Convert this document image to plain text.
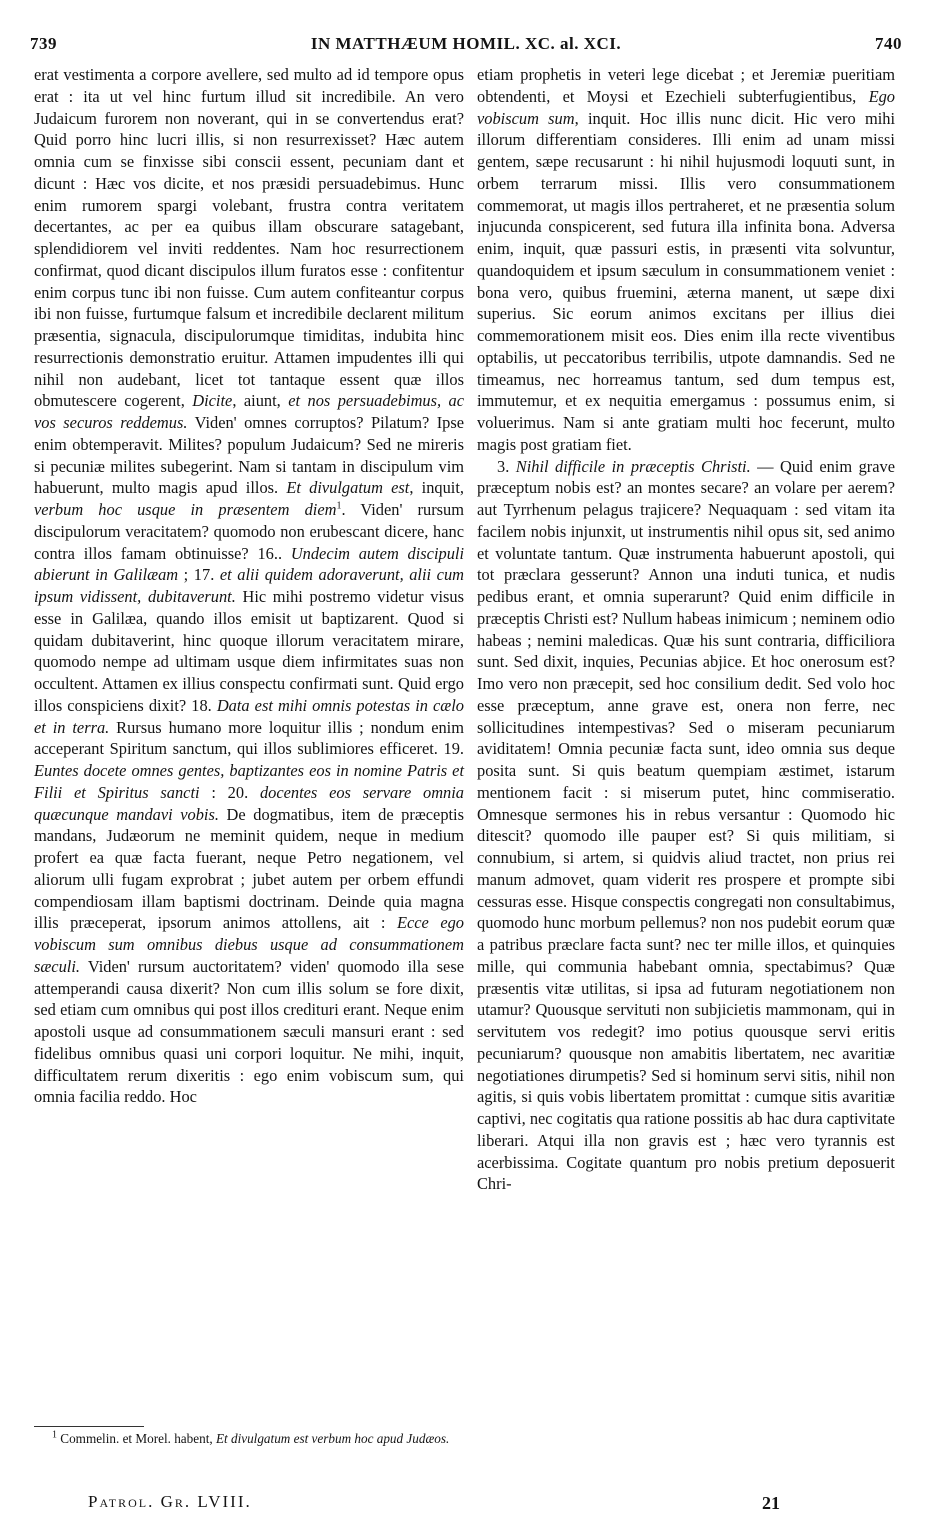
739	IN MATTHÆUM HOMIL. XC. al. XCI.	740

erat vestimenta a corpore avellere, sed multo ad id tempore opus erat : ita ut vel hinc furtum illud sit incredibile. An vero Judaicum furorem non noverant, qui in se convertendus erat? Quid porro hinc lucri illis, si non resurrexisset? Hæc autem omnia cum se finxisse sibi conscii essent, pecuniam dant et dicunt : Hæc vos dicite, et nos præsidi persuadebimus. Hunc enim rumorem spargi volebant, frustra contra veritatem decertantes, ac per ea quibus illam obscurare satagebant, splendidiorem vel inviti reddentes. Nam hoc resurrectionem confirmat, quod dicant discipulos illum furatos esse : confitentur enim corpus tunc ibi non fuisse. Cum autem confiteantur corpus ibi non fuisse, furtumque falsum et incredibile declarent militum præsentia, signacula, discipulorumque timiditas, indubita hinc resurrectionis demonstratio eruitur. Attamen impudentes illi qui nihil non audebant, licet tot tantaque essent quæ illos obmutescere cogerent, Dicite, aiunt, et nos persuadebimus, ac vos securos reddemus. Viden' omnes corruptos? Pilatum? Ipse enim obtemperavit. Milites? populum Judaicum? Sed ne mireris si pecuniæ milites subegerint. Nam si tantam in discipulum vim habuerunt, multo magis apud illos. Et divulgatum est, inquit, verbum hoc usque in præsentem diem$^1$. Viden' rursum discipulorum veracitatem? quomodo non erubescant dicere, hanc contra illos famam obtinuisse? 16.. Undecim autem discipuli abierunt in Galilæam ; 17. et alii quidem adoraverunt, alii cum ipsum vidissent, dubitaverunt. Hic mihi postremo videtur visus esse in Galilæa, quando illos emisit ut baptizarent. Quod si quidam dubitaverint, hinc quoque illorum veracitatem mirare, quomodo nempe ad ultimam usque diem infirmitates suas non occultent. Attamen ex illius conspectu confirmati sunt. Quid ergo illos conspiciens dixit? 18. Data est mihi omnis potestas in cælo et in terra. Rursus humano more loquitur illis ; nondum enim acceperant Spiritum sanctum, qui illos sublimiores efficeret. 19. Euntes docete omnes gentes, baptizantes eos in nomine Patris et Filii et Spiritus sancti : 20. docentes eos servare omnia quæcunque mandavi vobis. De dogmatibus, item de præceptis mandans, Judæorum ne meminit quidem, neque in medium profert ea quæ facta fuerant, neque Petro negationem, vel aliorum ulli fugam exprobrat ; jubet autem per orbem effundi compendiosam illam baptismi doctrinam. Deinde quia magna illis præceperat, ipsorum animos attollens, ait : Ecce ego vobiscum sum omnibus diebus usque ad consummationem sæculi. Viden' rursum auctoritatem? viden' quomodo illa sese attemperandi causa dixerit? Non cum illis solum se fore dixit, sed etiam cum omnibus qui post illos credituri erant. Neque enim apostoli usque ad consummationem sæculi mansuri erant : sed fidelibus omnibus quasi uni corpori loquitur. Ne mihi, inquit, difficultatem rerum dixeritis : ego enim vobiscum sum, qui omnia facilia reddo. Hoc

etiam prophetis in veteri lege dicebat ; et Jeremiæ pueritiam obtendenti, et Moysi et Ezechieli subterfugientibus, Ego vobiscum sum, inquit. Hoc illis nunc dicit. Hic vero mihi illorum differentiam consideres. Illi enim ad unam missi gentem, sæpe recusarunt : hi nihil hujusmodi loquuti sunt, in orbem terrarum missi. Illis vero consummationem commemorat, ut magis illos pertraheret, et ne præsentia solum injucunda conspicerent, sed futura illa infinita bona. Adversa enim, inquit, quæ passuri estis, in præsenti vita solvuntur, quandoquidem et ipsum sæculum in consummationem veniet : bona vero, quibus fruemini, æterna manent, ut sæpe dixi superius. Sic eorum animos excitans per illius diei commemorationem misit eos. Dies enim illa recte viventibus optabilis, ut peccatoribus terribilis, utpote damnandis. Sed ne timeamus, nec horreamus tantum, sed dum tempus est, immutemur, et ex nequitia emergamus : possumus enim, si voluerimus. Nam si ante gratiam multi hoc fecerunt, multo magis post gratiam fiet.

3. Nihil difficile in præceptis Christi. — Quid enim grave præceptum nobis est? an montes secare? an volare per aerem? aut Tyrrhenum pelagus trajicere? Nequaquam : sed vitam ita facilem nobis injunxit, ut instrumentis nihil opus sit, sed animo et voluntate tantum. Quæ instrumenta habuerunt apostoli, qui tot præclara gesserunt? Annon una induti tunica, et nudis pedibus erant, et omnia superarunt? Quid enim difficile in præceptis Christi est? Nullum habeas inimicum ; neminem odio habeas ; nemini maledicas. Quæ his sunt contraria, difficiliora sunt. Sed dixit, inquies, Pecunias abjice. Et hoc onerosum est? Imo vero non præcepit, sed hoc consilium dedit. Sed volo hoc esse præceptum, anne grave est, onera non ferre, nec sollicitudines intempestivas? Sed o miseram pecuniarum aviditatem! Omnia pecuniæ facta sunt, ideo omnia sus deque posita sunt. Si quis beatum quempiam æstimet, istarum mentionem facit : si miserum putet, hinc commiseratio. Omnesque sermones his in rebus versantur : Quomodo hic ditescit? quomodo ille pauper est? Si quis militiam, si connubium, si artem, si quidvis aliud tractet, non prius rei manum admovet, quam viderit res prospere et prompte sibi cessuras esse. Hisque conspectis congregati non consultabimus, quomodo hunc morbum pellemus? non nos pudebit eorum quæ a patribus præclare facta sunt? nec ter mille illos, et quinquies mille, qui communia habebant omnia, spectabimus? Quæ præsentis vitæ utilitas, si ipsa ad futuram negotiationem non utamur? Quousque servituti non subjicietis mammonam, qui in servitutem vos redegit? imo potius quousque servi eritis pecuniarum? quousque non amabitis libertatem, nec avaritiæ negotiationes dirumpetis? Sed si hominum servi sitis, nihil non agitis, si quis vobis libertatem promittat : cumque sitis avaritiæ captivi, nec cogitatis qua ratione possitis ab hac dura captivitate liberari. Atqui illa non gravis est ; hæc vero tyrannis est acerbissima. Cogitate quantum pro nobis pretium deposuerit Chri-

$^1$ Commelin. et Morel. habent, Et divulgatum est verbum hoc apud Judæos.
Patrol. Gr. LVIII.	21
